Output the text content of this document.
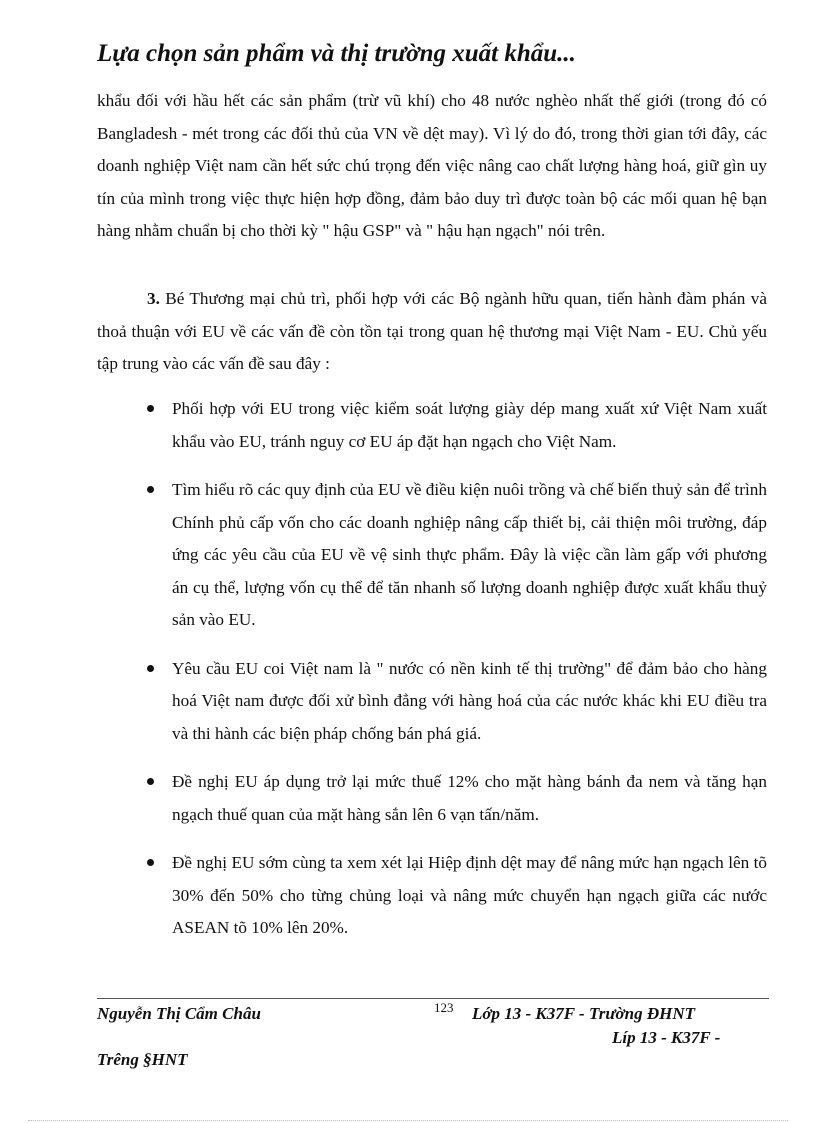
Lựa chọn sản phẩm và thị trường xuất khẩu...

khẩu đối với hầu hết các sản phẩm (trừ vũ khí) cho 48 nước nghèo nhất thế giới (trong đó có Bangladesh - mét trong các đối thủ của VN về dệt may). Vì lý do đó, trong thời gian tới đây, các doanh nghiệp Việt nam cần hết sức chú trọng đến việc nâng cao chất lượng hàng hoá, giữ gìn uy tín của mình trong việc thực hiện hợp đồng, đảm bảo duy trì được toàn bộ các mối quan hệ bạn hàng nhằm chuẩn bị cho thời kỳ " hậu GSP" và " hậu hạn ngạch" nói trên.

3. Bé Thương mại chủ trì, phối hợp với các Bộ ngành hữu quan, tiến hành đàm phán và thoả thuận với EU về các vấn đề còn tồn tại trong quan hệ thương mại Việt Nam - EU. Chủ yếu tập trung vào các vấn đề sau đây :

Phối hợp với EU trong việc kiểm soát lượng giày dép mang xuất xứ Việt Nam xuất khẩu vào EU, tránh nguy cơ EU áp đặt hạn ngạch cho Việt Nam.
Tìm hiểu rõ các quy định của EU về điều kiện nuôi trồng và chế biến thuỷ sản để trình Chính phủ cấp vốn cho các doanh nghiệp nâng cấp thiết bị, cải thiện môi trường, đáp ứng các yêu cầu của EU về vệ sinh thực phẩm. Đây là việc cần làm gấp với phương án cụ thể, lượng vốn cụ thể để tăn nhanh số lượng doanh nghiệp được xuất khẩu thuỷ sản vào EU.
Yêu cầu EU coi Việt nam là " nước có nền kinh tế thị trường" để đảm bảo cho hàng hoá Việt nam được đối xử bình đẳng với hàng hoá của các nước khác khi EU điều tra và thi hành các biện pháp chống bán phá giá.
Đề nghị EU áp dụng trở lại mức thuế 12% cho mặt hàng bánh đa nem và tăng hạn ngạch thuế quan của mặt hàng sắn lên 6 vạn tấn/năm.
Đề nghị EU sớm cùng ta xem xét lại Hiệp định dệt may để nâng mức hạn ngạch lên tõ 30% đến 50% cho từng chủng loại và nâng mức chuyển hạn ngạch giữa các nước ASEAN tõ 10% lên 20%.
Nguyễn Thị Cẩm Châu	123 Lớp 13 - K37F - Trường ĐHNT
Líp 13 - K37F -
Trêng §HNT
